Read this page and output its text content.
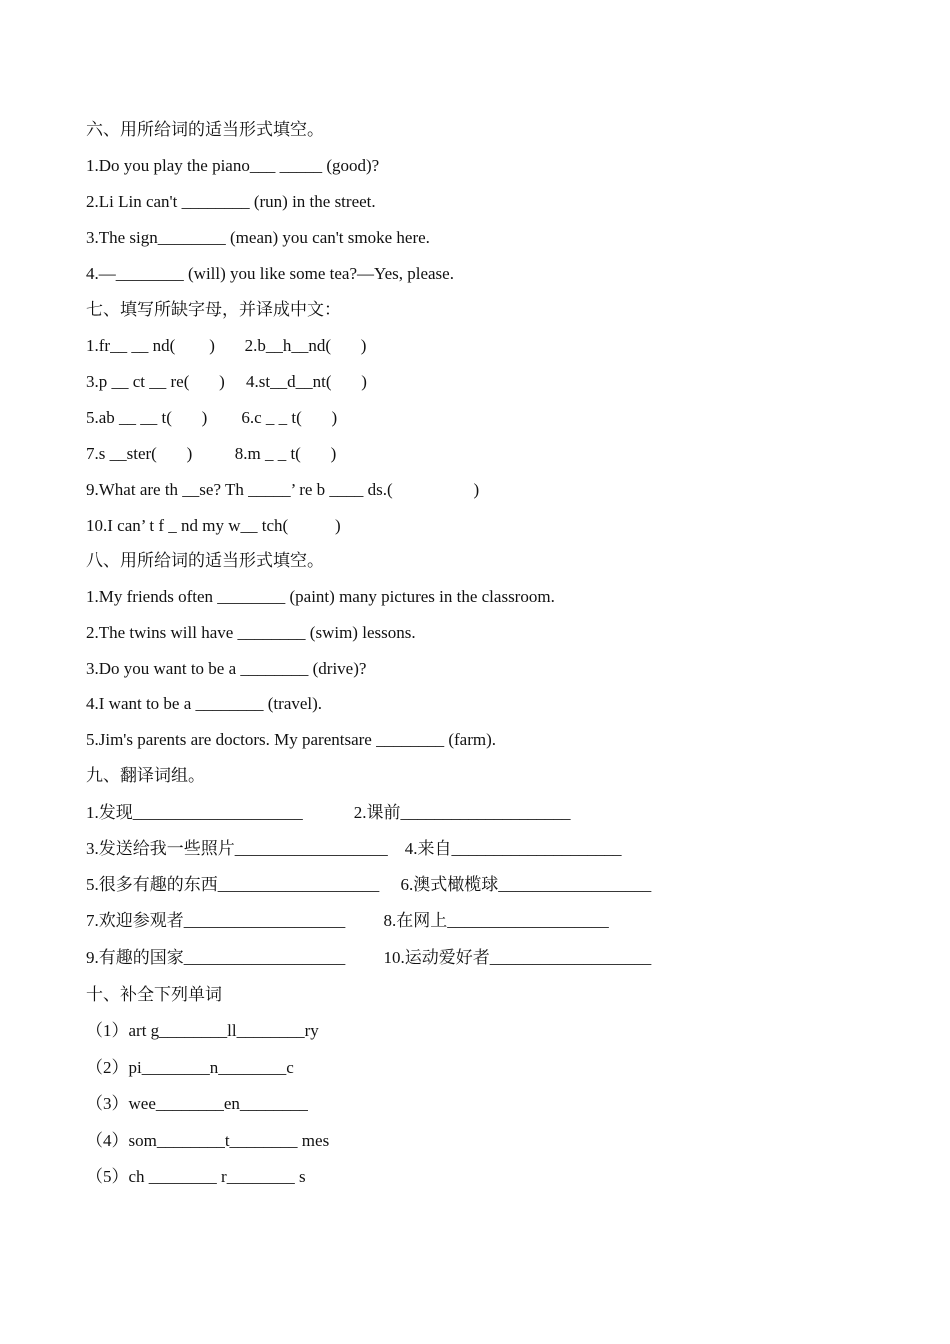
六、用所给词的适当形式填空。
1.Do you play the piano___ _____ (good)?
2.Li Lin can't ________ (run) in the street.
3.The sign________ (mean) you can't smoke here.
4.—________ (will) you like some tea?—Yes, please.
七、填写所缺字母，并译成中文：
1.fr__ __ nd(        )       2.b__h__nd(       )
3.p __ ct __ re(       )     4.st__d__nt(       )
5.ab __ __ t(       )        6.c _ _ t(       )
7.s __ster(       )          8.m _ _ t(       )
9.What are th __se? Th _____’ re b ____ ds.(                   )
10.I can’ t f _ nd my w__ tch(           )
八、用所给词的适当形式填空。
1.My friends often ________ (paint) many pictures in the classroom.
2.The twins will have ________ (swim) lessons.
3.Do you want to be a ________ (drive)?
4.I want to be a ________ (travel).
5.Jim's parents are doctors. My parentsare ________ (farm).
九、翻译词组。
1.发现____________________            2.课前____________________
3.发送给我一些照片__________________    4.来自____________________
5.很多有趣的东西___________________     6.澳式橄榄球__________________
7.欢迎参观者___________________         8.在网上___________________
9.有趣的国家___________________         10.运动爱好者___________________
十、补全下列单词
（1）art g________ll________ry
（2）pi________n________c
（3）wee________en________
（4）som________t________ mes
（5）ch ________ r________ s
